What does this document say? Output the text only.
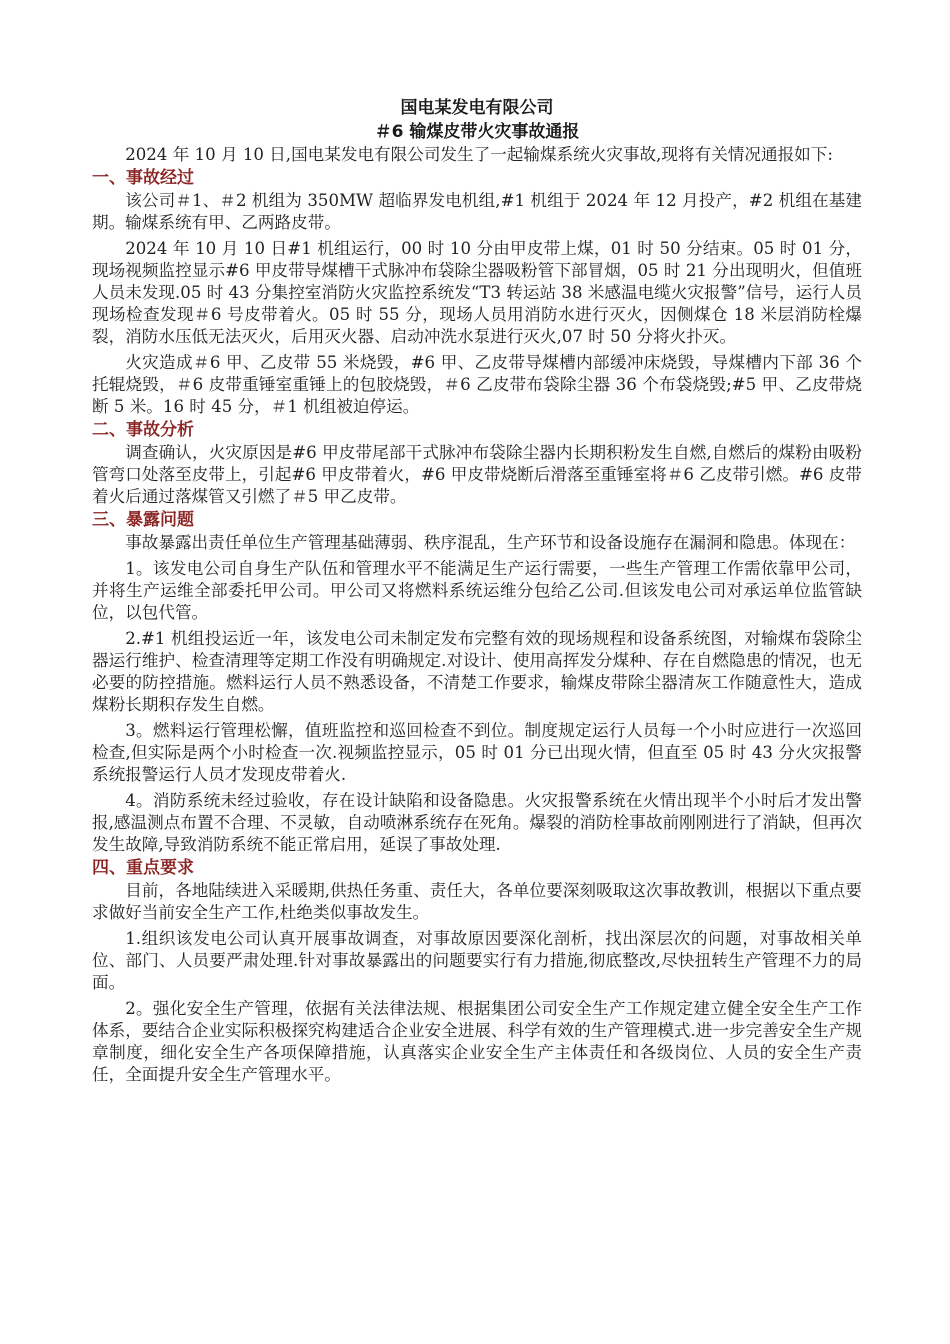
国电某发电有限公司
＃6 输煤皮带火灾事故通报

2024 年 10 月 10 日,国电某发电有限公司发生了一起输煤系统火灾事故,现将有关情况通报如下:

一、事故经过

该公司＃1、＃2 机组为 350MW 超临界发电机组,#1 机组于 2024 年 12 月投产，#2 机组在基建期。输煤系统有甲、乙两路皮带。

2024 年 10 月 10 日#1 机组运行，00 时 10 分由甲皮带上煤，01 时 50 分结束。05 时 01 分，现场视频监控显示#6 甲皮带导煤槽干式脉冲布袋除尘器吸粉管下部冒烟，05 时 21 分出现明火，但值班人员未发现.05 时 43 分集控室消防火灾监控系统发“T3 转运站 38 米感温电缆火灾报警”信号，运行人员现场检查发现＃6 号皮带着火。05 时 55 分，现场人员用消防水进行灭火，因侧煤仓 18 米层消防栓爆裂，消防水压低无法灭火，后用灭火器、启动冲洗水泵进行灭火,07 时 50 分将火扑灭。

火灾造成＃6 甲、乙皮带 55 米烧毁，#6 甲、乙皮带导煤槽内部缓冲床烧毁，导煤槽内下部 36 个托辊烧毁，＃6 皮带重锤室重锤上的包胶烧毁，＃6 乙皮带布袋除尘器 36 个布袋烧毁;#5 甲、乙皮带烧断 5 米。16 时 45 分，＃1 机组被迫停运。

二、事故分析

调查确认，火灾原因是#6 甲皮带尾部干式脉冲布袋除尘器内长期积粉发生自燃,自燃后的煤粉由吸粉管弯口处落至皮带上，引起#6 甲皮带着火，#6 甲皮带烧断后滑落至重锤室将＃6 乙皮带引燃。#6 皮带着火后通过落煤管又引燃了＃5 甲乙皮带。

三、暴露问题

事故暴露出责任单位生产管理基础薄弱、秩序混乱，生产环节和设备设施存在漏洞和隐患。体现在：

1。该发电公司自身生产队伍和管理水平不能满足生产运行需要，一些生产管理工作需依靠甲公司，并将生产运维全部委托甲公司。甲公司又将燃料系统运维分包给乙公司.但该发电公司对承运单位监管缺位，以包代管。

2.#1 机组投运近一年，该发电公司未制定发布完整有效的现场规程和设备系统图，对输煤布袋除尘器运行维护、检查清理等定期工作没有明确规定.对设计、使用高挥发分煤种、存在自燃隐患的情况，也无必要的防控措施。燃料运行人员不熟悉设备，不清楚工作要求，输煤皮带除尘器清灰工作随意性大，造成煤粉长期积存发生自燃。

3。燃料运行管理松懈，值班监控和巡回检查不到位。制度规定运行人员每一个小时应进行一次巡回检查,但实际是两个小时检查一次.视频监控显示，05 时 01 分已出现火情，但直至 05 时 43 分火灾报警系统报警运行人员才发现皮带着火.

4。消防系统未经过验收，存在设计缺陷和设备隐患。火灾报警系统在火情出现半个小时后才发出警报,感温测点布置不合理、不灵敏，自动喷淋系统存在死角。爆裂的消防栓事故前刚刚进行了消缺，但再次发生故障,导致消防系统不能正常启用，延误了事故处理.

四、重点要求

目前，各地陆续进入采暖期,供热任务重、责任大，各单位要深刻吸取这次事故教训，根据以下重点要求做好当前安全生产工作,杜绝类似事故发生。

1.组织该发电公司认真开展事故调查，对事故原因要深化剖析，找出深层次的问题，对事故相关单位、部门、人员要严肃处理.针对事故暴露出的问题要实行有力措施,彻底整改,尽快扭转生产管理不力的局面。

2。强化安全生产管理，依据有关法律法规、根据集团公司安全生产工作规定建立健全安全生产工作体系，要结合企业实际积极探究构建适合企业安全进展、科学有效的生产管理模式.进一步完善安全生产规章制度，细化安全生产各项保障措施，认真落实企业安全生产主体责任和各级岗位、人员的安全生产责任，全面提升安全生产管理水平。
